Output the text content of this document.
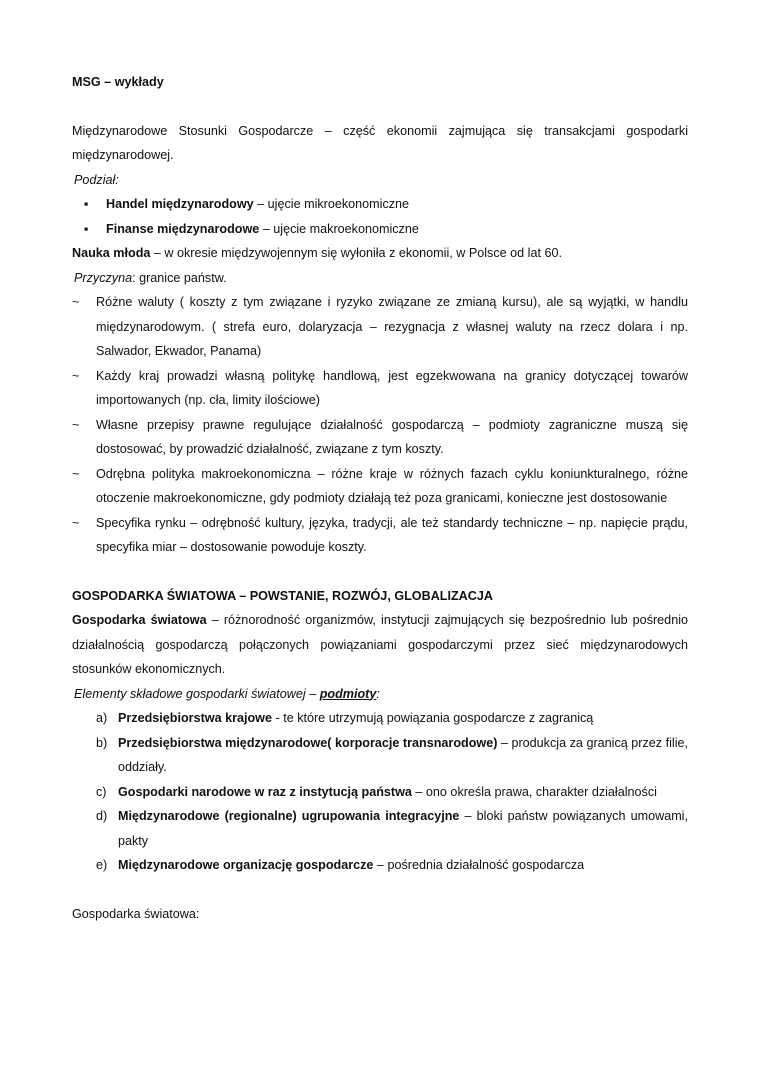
MSG – wykłady
Międzynarodowe Stosunki Gospodarcze – część ekonomii zajmująca się transakcjami gospodarki międzynarodowej.
Podział:
▪ Handel międzynarodowy – ujęcie mikroekonomiczne
▪ Finanse międzynarodowe – ujęcie makroekonomiczne
Nauka młoda – w okresie międzywojennym się wyłoniła z ekonomii, w Polsce od lat 60.
Przyczyna: granice państw.
~ Różne waluty ( koszty z tym związane i ryzyko związane ze zmianą kursu), ale są wyjątki, w handlu międzynarodowym. ( strefa euro, dolaryzacja – rezygnacja z własnej waluty na rzecz dolara i np. Salwador, Ekwador, Panama)
~ Każdy kraj prowadzi własną politykę handlową, jest egzekwowana na granicy dotyczącej towarów importowanych (np. cła, limity ilościowe)
~ Własne przepisy prawne regulujące działalność gospodarczą – podmioty zagraniczne muszą się dostosować, by prowadzić działalność, związane z tym koszty.
~ Odrębna polityka makroekonomiczna – różne kraje w różnych fazach cyklu koniunkturalnego, różne otoczenie makroekonomiczne, gdy podmioty działają też poza granicami, konieczne jest dostosowanie
~ Specyfika rynku – odrębność kultury, języka, tradycji, ale też standardy techniczne – np. napięcie prądu, specyfika miar – dostosowanie powoduje koszty.
GOSPODARKA ŚWIATOWA – POWSTANIE, ROZWÓJ, GLOBALIZACJA
Gospodarka światowa – różnorodność organizmów, instytucji zajmujących się bezpośrednio lub pośrednio działalnością gospodarczą połączonych powiązaniami gospodarczymi przez sieć międzynarodowych stosunków ekonomicznych.
Elementy składowe gospodarki światowej – podmioty:
a) Przedsiębiorstwa krajowe - te które utrzymują powiązania gospodarcze z zagranicą
b) Przedsiębiorstwa międzynarodowe( korporacje transnarodowe) – produkcja za granicą przez filie, oddziały.
c) Gospodarki narodowe w raz z instytucją państwa – ono określa prawa, charakter działalności
d) Międzynarodowe (regionalne) ugrupowania integracyjne – bloki państw powiązanych umowami, pakty
e) Międzynarodowe organizację gospodarcze – pośrednia działalność gospodarcza
Gospodarka światowa:
